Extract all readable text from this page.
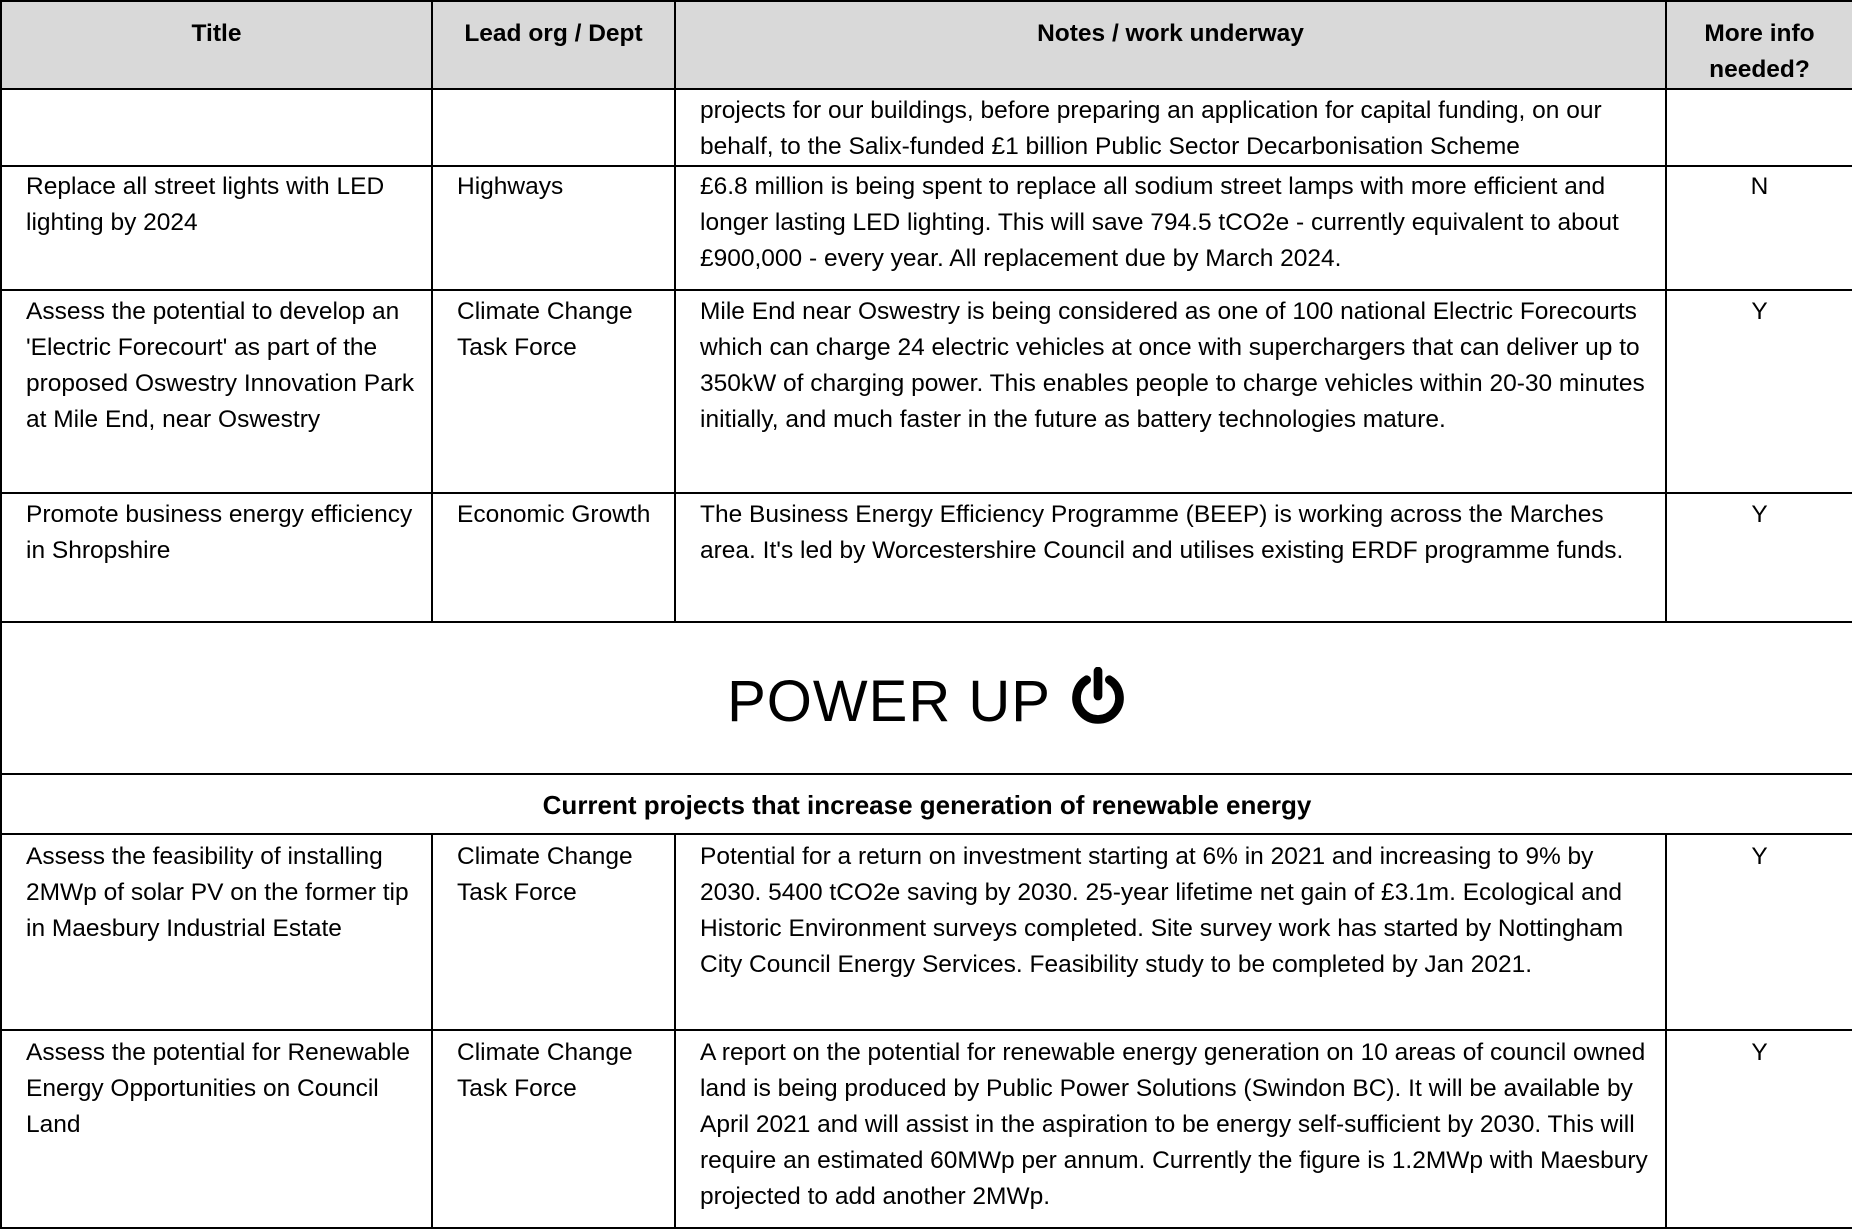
Title	Lead org / Dept	Notes / work underway	More info needed?
		projects for our buildings, before preparing an application for capital funding, on our behalf, to the Salix-funded £1 billion Public Sector Decarbonisation Scheme	
Replace all street lights with LED lighting by 2024	Highways	£6.8 million is being spent to replace all sodium street lamps with more efficient and longer lasting LED lighting. This will save 794.5 tCO2e - currently equivalent to about £900,000 - every year. All replacement due by March 2024.	N
Assess the potential to develop an 'Electric Forecourt' as part of the proposed Oswestry Innovation Park at Mile End, near Oswestry	Climate Change Task Force	Mile End near Oswestry is being considered as one of 100 national Electric Forecourts which can charge 24 electric vehicles at once with superchargers that can deliver up to 350kW of charging power. This enables people to charge vehicles within 20-30 minutes initially, and much faster in the future as battery technologies mature.	Y
Promote business energy efficiency in Shropshire	Economic Growth	The Business Energy Efficiency Programme (BEEP) is working across the Marches area. It's led by Worcestershire Council and utilises existing ERDF programme funds.	Y
POWER UP			
Current projects that increase generation of renewable energy			
Assess the feasibility of installing 2MWp of solar PV on the former tip in Maesbury Industrial Estate	Climate Change Task Force	Potential for a return on investment starting at 6% in 2021 and increasing to 9% by 2030. 5400 tCO2e saving by 2030. 25-year lifetime net gain of £3.1m. Ecological and Historic Environment surveys completed. Site survey work has started by Nottingham City Council Energy Services. Feasibility study to be completed by Jan 2021.	Y
Assess the potential for Renewable Energy Opportunities on Council Land	Climate Change Task Force	A report on the potential for renewable energy generation on 10 areas of council owned land is being produced by Public Power Solutions (Swindon BC). It will be available by April 2021 and will assist in the aspiration to be energy self-sufficient by 2030. This will require an estimated 60MWp per annum. Currently the figure is 1.2MWp with Maesbury projected to add another 2MWp.	Y
